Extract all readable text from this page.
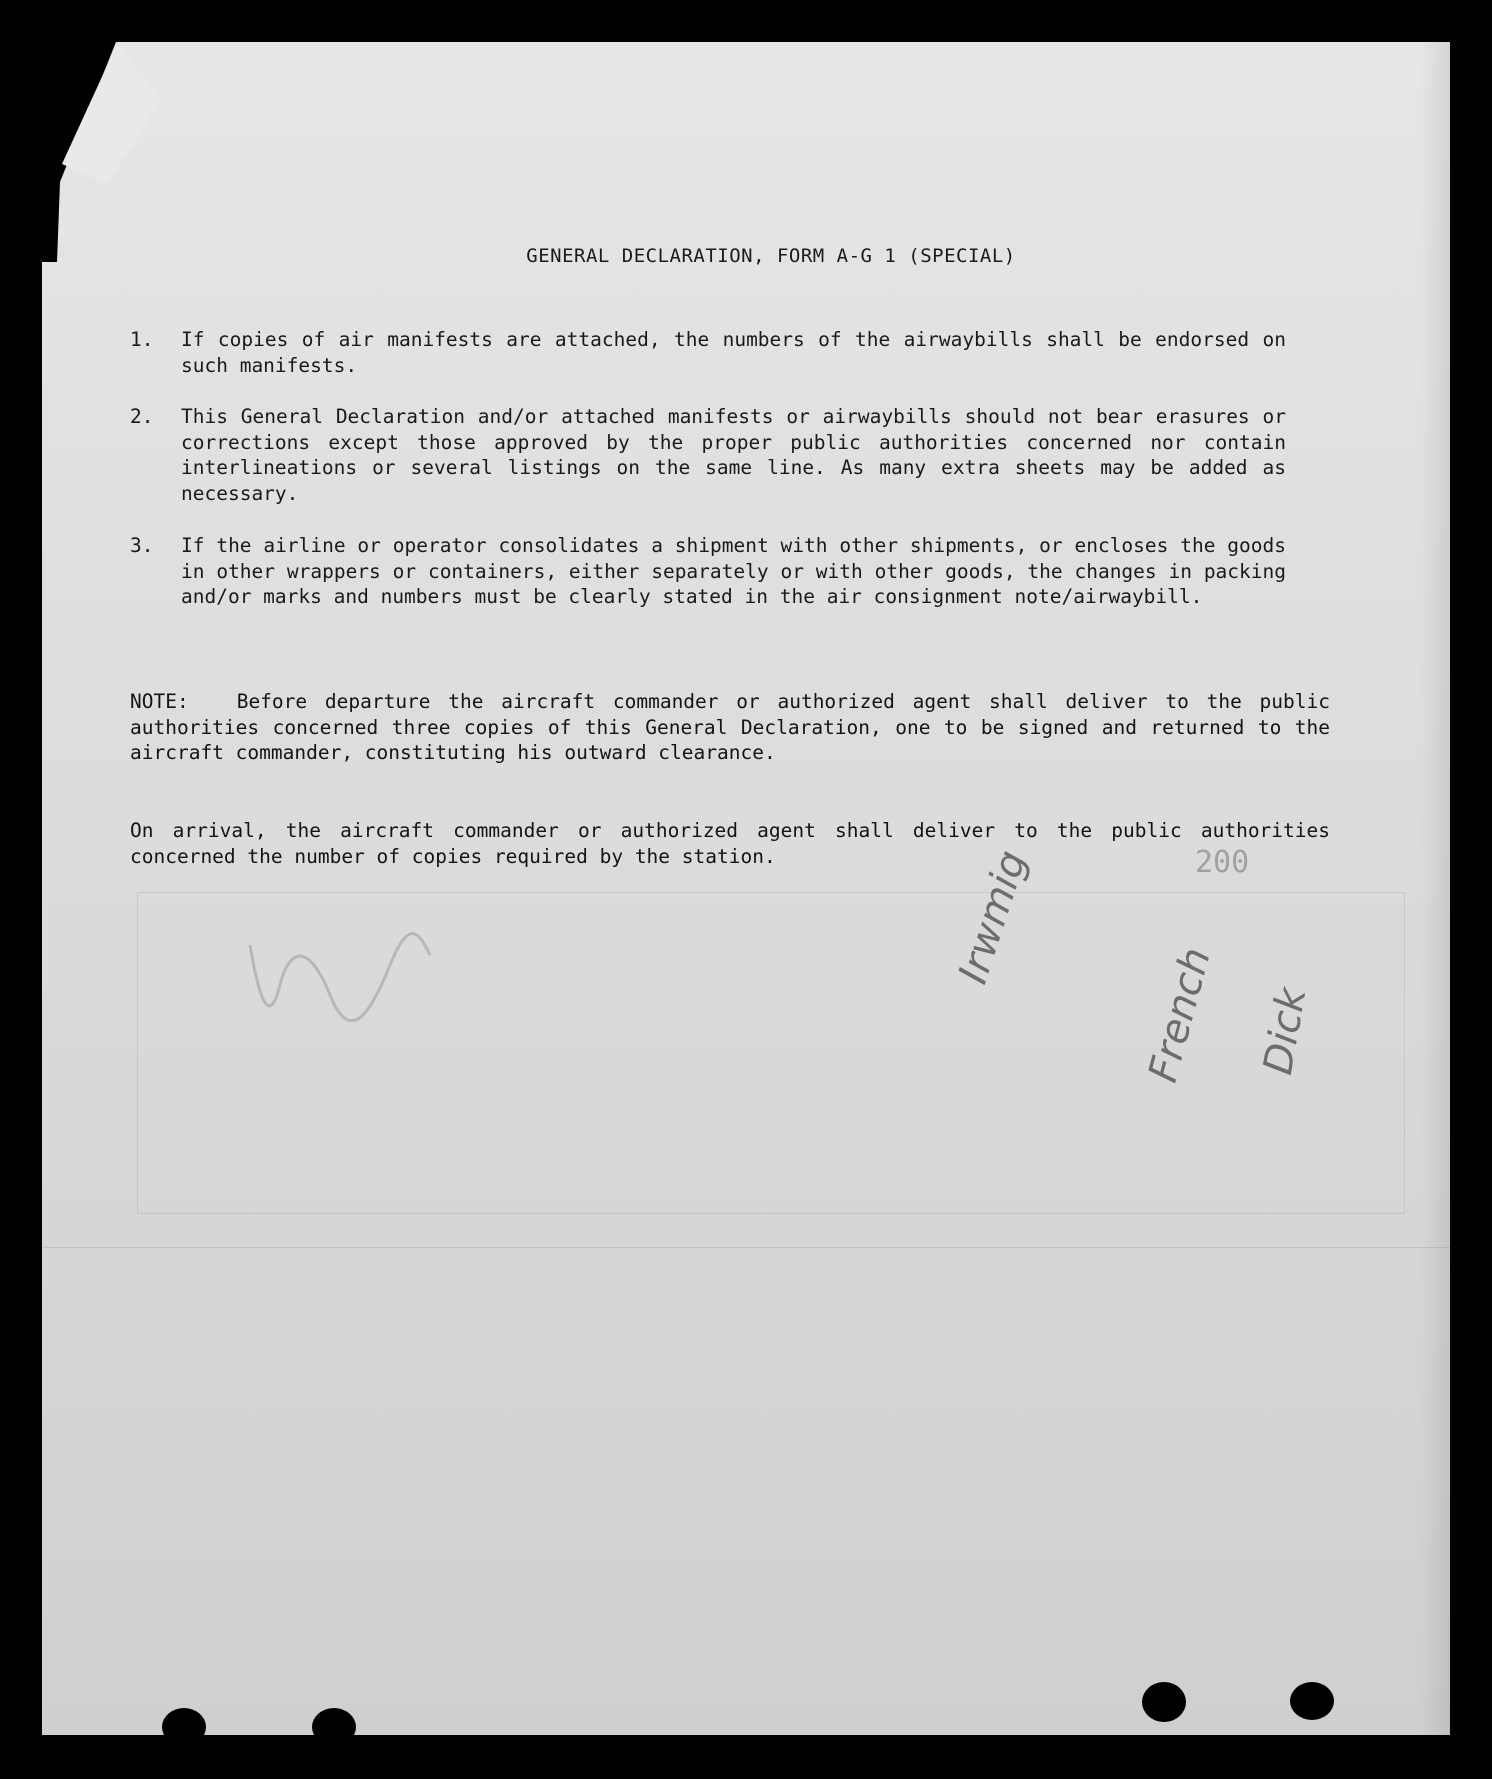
GENERAL DECLARATION, FORM A-G 1 (SPECIAL)
1. If copies of air manifests are attached, the numbers of the airwaybills shall be endorsed on such manifests.
2. This General Declaration and/or attached manifests or airwaybills should not bear erasures or corrections except those approved by the proper public authorities concerned nor contain interlineations or several listings on the same line. As many extra sheets may be added as necessary.
3. If the airline or operator consolidates a shipment with other shipments, or encloses the goods in other wrappers or containers, either separately or with other goods, the changes in packing and/or marks and numbers must be clearly stated in the air consignment note/airwaybill.
NOTE: Before departure the aircraft commander or authorized agent shall deliver to the public authorities concerned three copies of this General Declaration, one to be signed and returned to the aircraft commander, constituting his outward clearance.
On arrival, the aircraft commander or authorized agent shall deliver to the public authorities concerned the number of copies required by the station.	200
Irwmig
French Dick
